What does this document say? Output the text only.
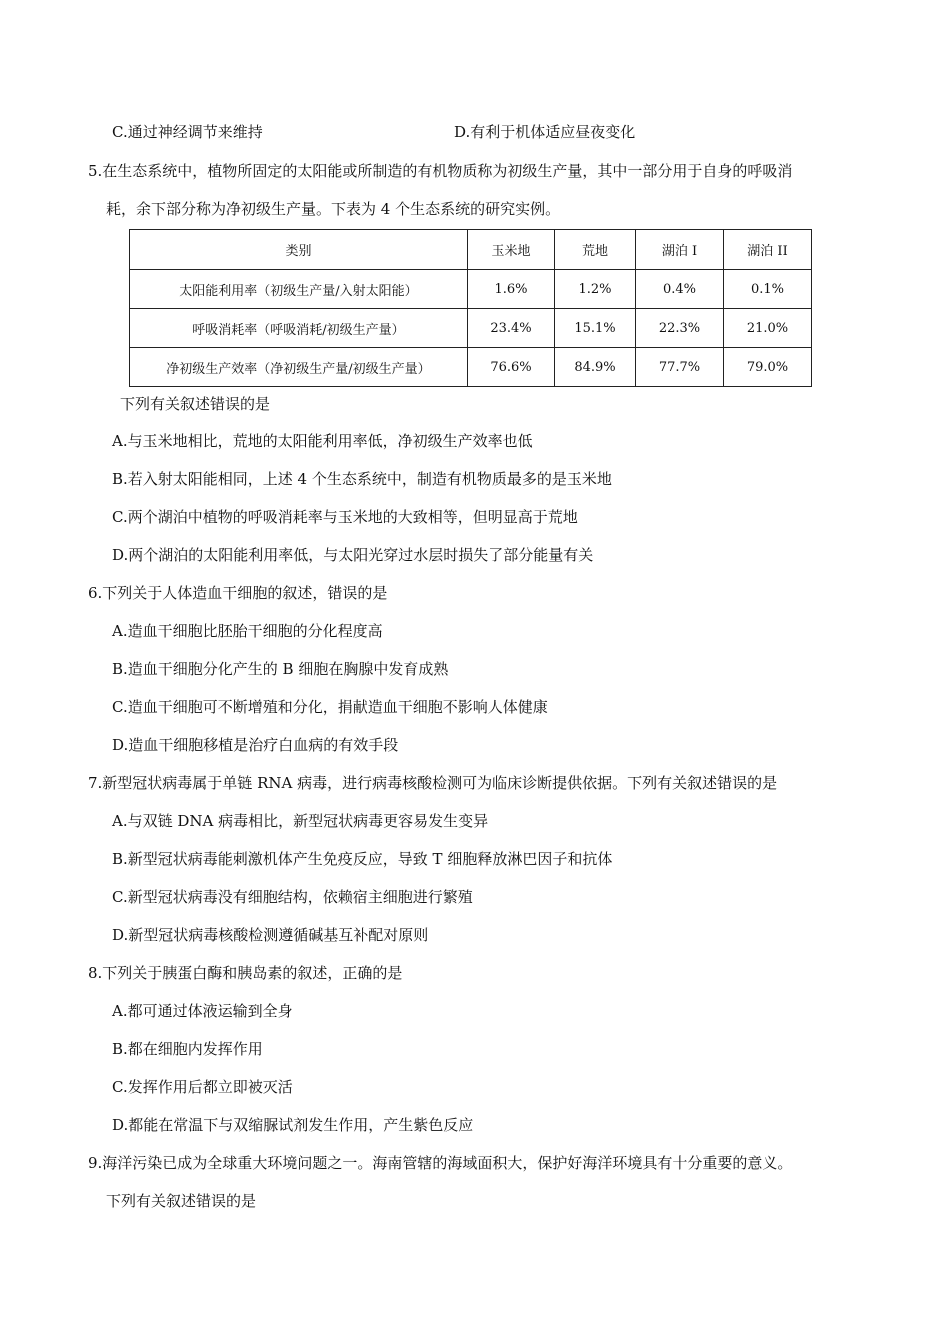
C.通过神经调节来维持	D.有利于机体适应昼夜变化
5.在生态系统中，植物所固定的太阳能或所制造的有机物质称为初级生产量，其中一部分用于自身的呼吸消
耗，余下部分称为净初级生产量。下表为 4 个生态系统的研究实例。
类别	玉米地	荒地	湖泊 I	湖泊 II
太阳能利用率（初级生产量/入射太阳能）	1.6%	1.2%	0.4%	0.1%
呼吸消耗率（呼吸消耗/初级生产量）	23.4%	15.1%	22.3%	21.0%
净初级生产效率（净初级生产量/初级生产量）	76.6%	84.9%	77.7%	79.0%
下列有关叙述错误的是
A.与玉米地相比，荒地的太阳能利用率低，净初级生产效率也低
B.若入射太阳能相同，上述 4 个生态系统中，制造有机物质最多的是玉米地
C.两个湖泊中植物的呼吸消耗率与玉米地的大致相等，但明显高于荒地
D.两个湖泊的太阳能利用率低，与太阳光穿过水层时损失了部分能量有关
6.下列关于人体造血干细胞的叙述，错误的是
A.造血干细胞比胚胎干细胞的分化程度高
B.造血干细胞分化产生的 B 细胞在胸腺中发育成熟
C.造血干细胞可不断增殖和分化，捐献造血干细胞不影响人体健康
D.造血干细胞移植是治疗白血病的有效手段
7.新型冠状病毒属于单链 RNA 病毒，进行病毒核酸检测可为临床诊断提供依据。下列有关叙述错误的是
A.与双链 DNA 病毒相比，新型冠状病毒更容易发生变异
B.新型冠状病毒能刺激机体产生免疫反应，导致 T 细胞释放淋巴因子和抗体
C.新型冠状病毒没有细胞结构，依赖宿主细胞进行繁殖
D.新型冠状病毒核酸检测遵循碱基互补配对原则
8.下列关于胰蛋白酶和胰岛素的叙述，正确的是
A.都可通过体液运输到全身
B.都在细胞内发挥作用
C.发挥作用后都立即被灭活
D.都能在常温下与双缩脲试剂发生作用，产生紫色反应
9.海洋污染已成为全球重大环境问题之一。海南管辖的海域面积大，保护好海洋环境具有十分重要的意义。
下列有关叙述错误的是
